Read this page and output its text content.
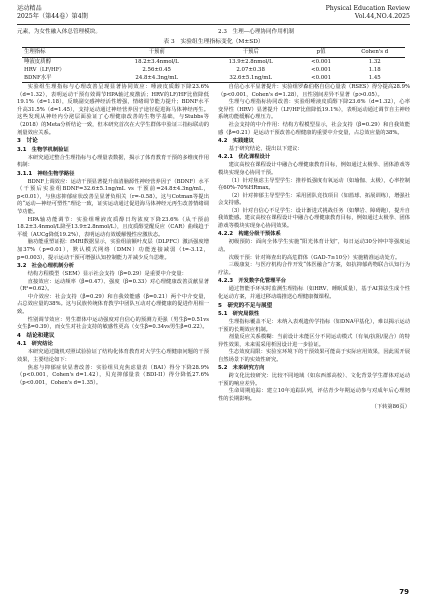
运动精品
2025年（第44卷）第4期
Physical Education Review
Vol.44,NO.4.2025
元素，为女性融入体总管理模块。	2.3　生理—心理协同作用机制
表 3　实验组生理指标变化（M±SD）
生理指标	干预前	干预后	p值	Cohen's d
唾液皮质醇	18.2±3.4nmol/L	13.9±2.8nmol/L	<0.001	1.32
HRV（LF/HF）	2.56±0.45	2.07±0.38	<0.001	1.18
BDNF水平	24.8±4.3ng/mL	32.6±5.1ng/mL	<0.001	1.45

实验组生理指标与心理改善呈现显著协同效应：唾液皮质醇下降23.6%（d=1.32），表明运动干预有效调节HPA轴过度激活；HRV的LF/HF比值降低19.1%（d=1.18），反映副交感神经活性增强，情绪调节能力提升；BDNF水平升高31.5%（d=1.45），支持运动通过神经营养因子途径促进海马体神经再生。这些发现从神经内分泌层面验证了心理健康改善的生物学基础，与Stubbs等（2018）的Meta分析结论一致，但本研究首次在大学生群体中验证三指标联动的剂量效应关系。

3　讨论
3.1　生物学机制验证

本研究通过整合生理指标与心理量表数据，揭示了体育教育干预的多维度作用机制：

3.1.1　神经生物学路径

BDNF上调效应：运动干预显著提升血清脑源性神经营养因子（BDNF）水平（干预后实验组BDNF=32.6±5.1ng/mL vs 干预前=24.8±4.3ng/mL，p<0.01），与焦虑抑郁症状改善呈显著负相关（r=-0.58）。这与Cotman等提出的“运动—神经可塑性”理论一致，证实运动通过促进海马体神经元再生改善情绪调节功能。

HPA轴功能调节：实验组唾液皮质醇日均浓度下降23.6%（从干预前18.2±3.4nmol/L降至13.9±2.8nmol/L），且皮质醇觉醒反应（CAR）曲线趋于平缓（AUCg降低19.2%），表明运动有效缓解慢性应激状态。

脑功能重塑证据：fMRI数据显示，实验组前额叶皮层（DLPFC）激活强度增加37%（p=0.01），默认模式网络（DMN）功能连接减弱（t=-3.12，p=0.003），提示运动干预可增强认知控制能力并减少反刍思维。

3.2　社会心理机制分析

结构方程模型（SEM）显示社会支持（β=0.29）是重要中介变量：

直接效应：运动频率（β=0.47）、强度（β=0.33）对心理健康改善贡献显著（R²=0.62）。

中介效应：社会支持（β=0.29）和自我效能感（β=0.21）两个中介变量，占总效应量的38%。这与民族传统体育教学中团队互动对心理健康的促进作用相一致。

性别调节效应：男生群体中运动强度对自信心的预测力更强（男生β=0.51vs女生β=0.39），而女生对社会支持的敏感性更高（女生β=0.34vs男生β=0.22）。

4　结论和建议
4.1　研究结论

本研究通过随机对照试验验证了结构化体育教育对大学生心理健康问题的干预效果，主要结论如下：

焦虑与抑郁症状显著改善：实验组贝克焦虑量表（BAI）得分下降28.9%（p<0.001，Cohen's d=1.42），贝克抑郁量表（BDI-II）得分降低27.6%（p<0.001，Cohen's d=1.35）。

自信心水平显著提升：实验组罗森伯格自信心量表（RSES）得分提高28.9%（p<0.001，Cohen's d=1.28），且性别间差异不显著（p>0.05）。

生理与心理指标协同改善：实验组唾液皮质醇下降23.6%（d=1.32），心率变异性（HRV）显著提升（LF/HF比值降低19.1%），表明运动通过调节自主神经系统功能缓解心理压力。

社会支持的中介作用：结构方程模型显示，社会支持（β=0.29）和自我效能感（β=0.21）是运动干预改善心理健康的重要中介变量，占总效应量的38%。

4.2　实践建议

基于研究结论，提出以下建议：

4.2.1　优化课程设计

建议高校在课程设计中融合心理健康教育目标，例如通过太极拳、团体游戏等模块实现身心协同干预。

（1）针对焦虑主导型学生：推荐低强度有氧运动（如瑜伽、太极），心率控制在60%-70%HRmax。

（2）针对抑郁主导型学生：采用团队竞技项目（如篮球、拓展训练），增强社会支持感。

（3）针对自信心不足学生：设计渐进式挑战任务（如攀岩、障碍跑），提升自我效能感。建议高校在课程设计中融合心理健康教育目标，例如通过太极拳、团体游戏等模块实现身心协同效果。

4.2.2　构建分级干预体系

初级预防：面向全体学生实施“阳光体育计划”，每日运动30分钟中等强度运动。

次级干预：针对筛查出的高危群体（GAD-7≥10分）实施精准运动处方。

三级康复：与医疗机构合作开发“体医融合”方案，如抗抑郁药物联合认知行为疗法。

4.2.3　开发数字化管理平台

通过智能手环实时监测生理指标（如HRV、睡眠质量），基于AI算法生成个性化运动方案，并通过移动端推送心理健康微课程。

5　研究的不足与展望
5.1　研究局限性

生理指标覆盖不足：未纳入表观遗传学指标（如DNA甲基化），难以揭示运动干预的长期效应机制。

剂量反应关系模糊：当前设计未能区分不同运动模式（有氧/抗阻/混合）的特异性效果，未来需采用析因设计进一步验证。

生态效度局限：实验室环境下的干预效果可能高于实际应用效果，因此需开展自然场景下的实效性研究。

5.2　未来研究方向

跨文化比较研究：比较不同地域（如东西部高校）、文化背景学生群体对运动干预的响应差异。

生命周期追踪：建立10年追踪队列，评估青少年期运动参与对成年后心理韧性的长期影响。

（下转第86页）

79
